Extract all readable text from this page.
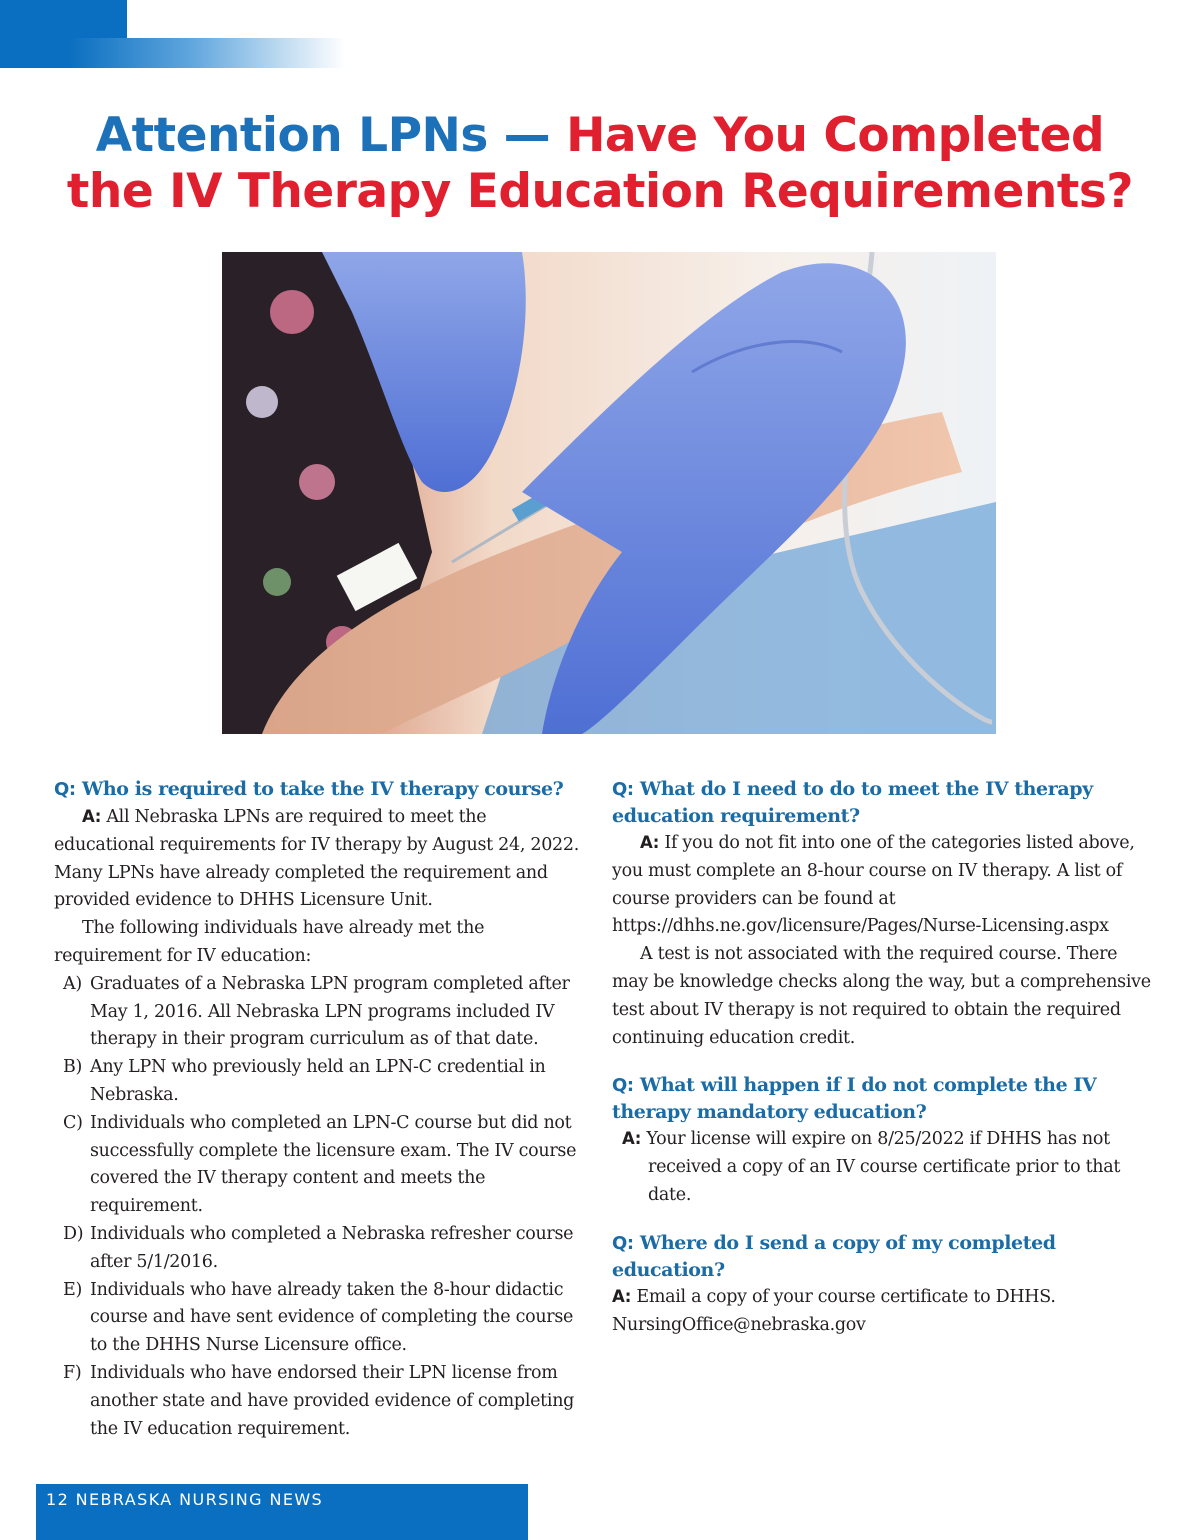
Attention LPNs — Have You Completed
the IV Therapy Education Requirements?

Q: Who is required to take the IV therapy course?

A: All Nebraska LPNs are required to meet the educational requirements for IV therapy by August 24, 2022. Many LPNs have already completed the requirement and provided evidence to DHHS Licensure Unit.

The following individuals have already met the requirement for IV education:

A) Graduates of a Nebraska LPN program completed after May 1, 2016. All Nebraska LPN programs included IV therapy in their program curriculum as of that date.
B) Any LPN who previously held an LPN-C credential in Nebraska.
C) Individuals who completed an LPN-C course but did not successfully complete the licensure exam. The IV course covered the IV therapy content and meets the requirement.
D) Individuals who completed a Nebraska refresher course after 5/1/2016.
E) Individuals who have already taken the 8-hour didactic course and have sent evidence of completing the course to the DHHS Nurse Licensure office.
F) Individuals who have endorsed their LPN license from another state and have provided evidence of completing the IV education requirement.

Q: What do I need to do to meet the IV therapy education requirement?

A: If you do not fit into one of the categories listed above, you must complete an 8-hour course on IV therapy. A list of course providers can be found at https://dhhs.ne.gov/licensure/Pages/Nurse-Licensing.aspx

A test is not associated with the required course. There may be knowledge checks along the way, but a comprehensive test about IV therapy is not required to obtain the required continuing education credit.

Q: What will happen if I do not complete the IV therapy mandatory education?

A: Your license will expire on 8/25/2022 if DHHS has not received a copy of an IV course certificate prior to that date.

Q: Where do I send a copy of my completed education?

A: Email a copy of your course certificate to DHHS.
NursingOffice@nebraska.gov

12 NEBRASKA NURSING NEWS
